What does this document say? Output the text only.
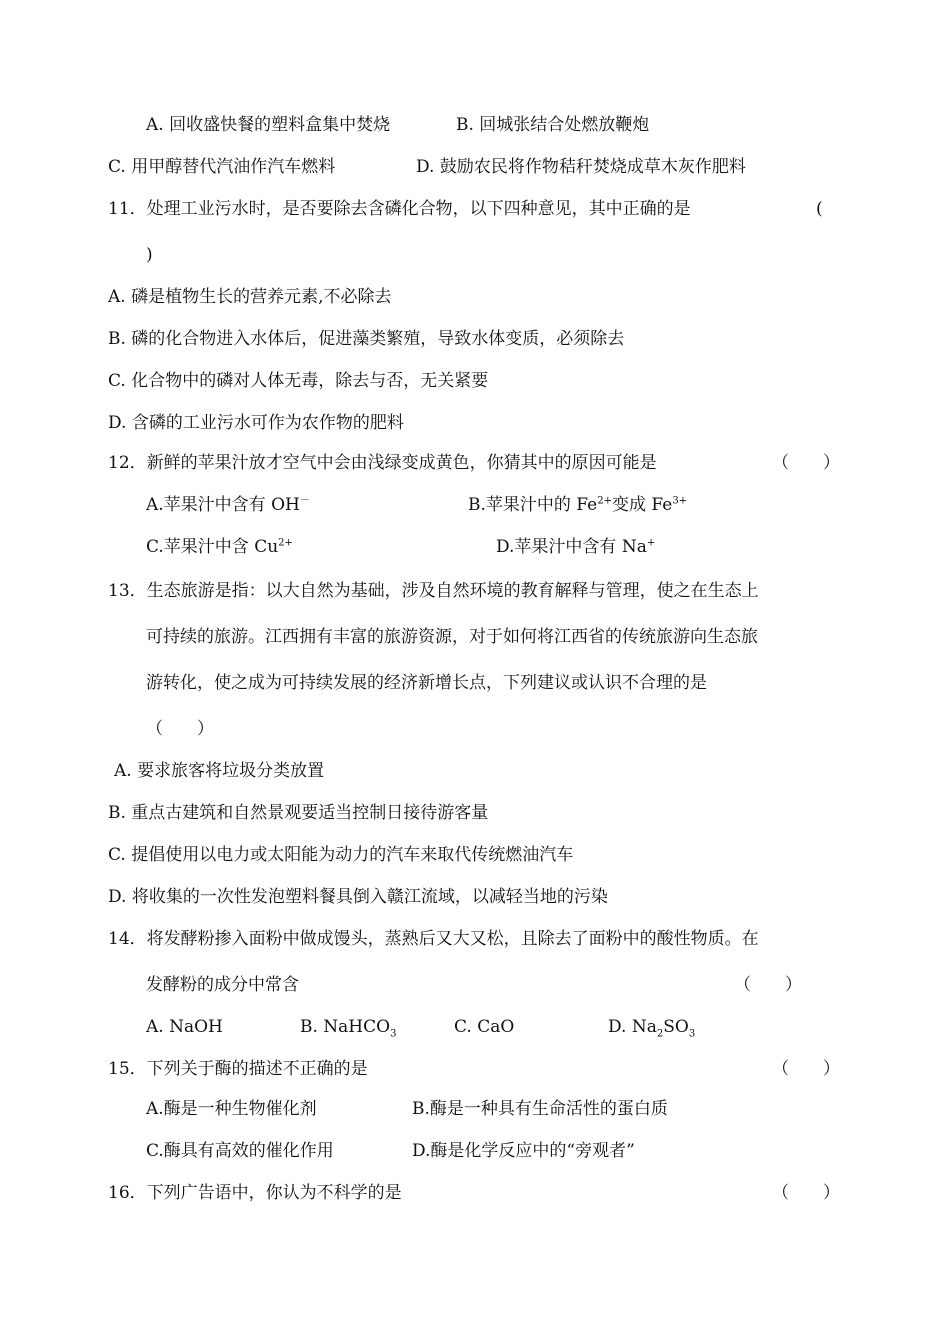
A. 回收盛快餐的塑料盒集中焚烧	B. 回城张结合处燃放鞭炮
C. 用甲醇替代汽油作汽车燃料	D. 鼓励农民将作物秸秆焚烧成草木灰作肥料
11．处理工业污水时，是否要除去含磷化合物，以下四种意见，其中正确的是	(
)
A. 磷是植物生长的营养元素,不必除去
B. 磷的化合物进入水体后，促进藻类繁殖，导致水体变质，必须除去
C. 化合物中的磷对人体无毒，除去与否，无关紧要
D. 含磷的工业污水可作为农作物的肥料
12．新鲜的苹果汁放才空气中会由浅绿变成黄色，你猜其中的原因可能是	（　　）
A.苹果汁中含有 OH－	B.苹果汁中的 $Fe^{2+}$变成 $Fe^{3+}$
C.苹果汁中含 $Cu^{2+}$	D.苹果汁中含有 Na+
13．生态旅游是指：以大自然为基础，涉及自然环境的教育解释与管理，使之在生态上
可持续的旅游。江西拥有丰富的旅游资源，对于如何将江西省的传统旅游向生态旅
游转化，使之成为可持续发展的经济新增长点，下列建议或认识不合理的是
（　　）
A. 要求旅客将垃圾分类放置
B. 重点古建筑和自然景观要适当控制日接待游客量
C. 提倡使用以电力或太阳能为动力的汽车来取代传统燃油汽车
D. 将收集的一次性发泡塑料餐具倒入赣江流域，以减轻当地的污染
14．将发酵粉掺入面粉中做成馒头，蒸熟后又大又松，且除去了面粉中的酸性物质。在
发酵粉的成分中常含	（　　）
A. NaOH	B. NaHCO$_3$	C. CaO	D. $Na_2SO_3$
15．下列关于酶的描述不正确的是	（　　）
A.酶是一种生物催化剂	B.酶是一种具有生命活性的蛋白质
C.酶具有高效的催化作用	D.酶是化学反应中的“旁观者”
16．下列广告语中，你认为不科学的是	（　　）
